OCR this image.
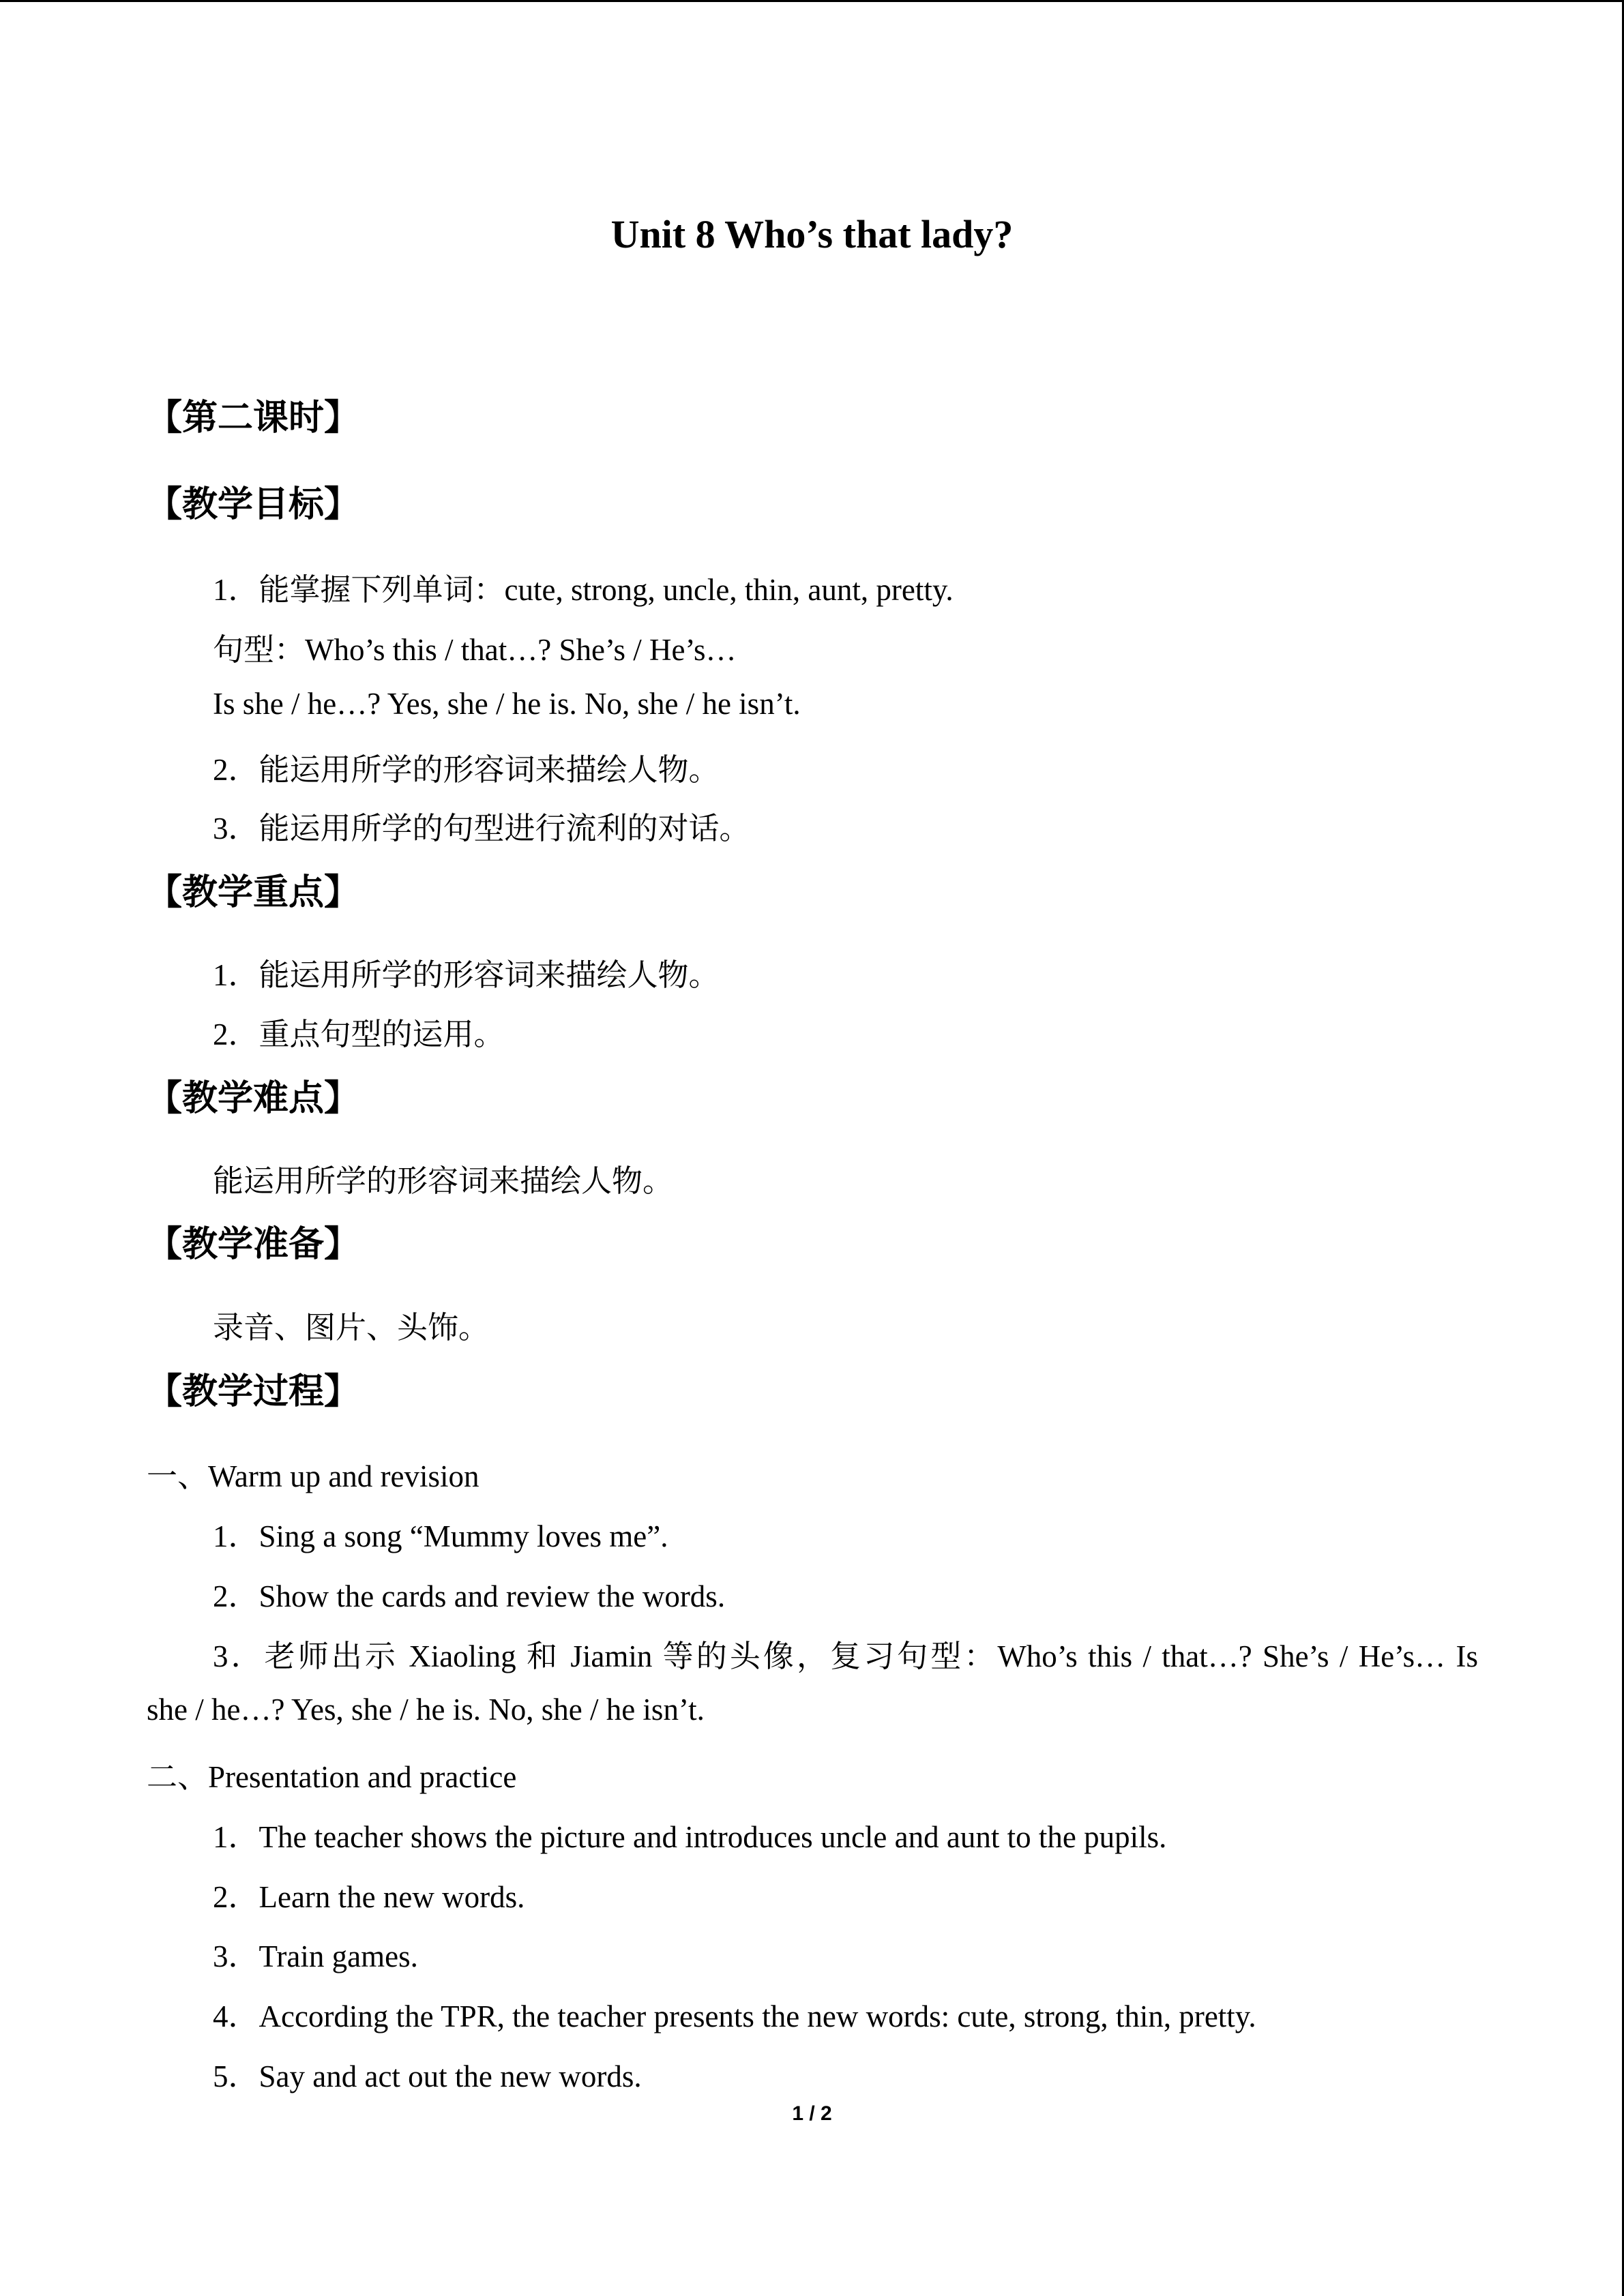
Unit 8 Who’s that lady?
【第二课时】
【教学目标】
1．能掌握下列单词：cute, strong, uncle, thin, aunt, pretty.
句型：Who’s this / that…? She’s / He’s…
Is she / he…? Yes, she / he is. No, she / he isn’t.
2．能运用所学的形容词来描绘人物。
3．能运用所学的句型进行流利的对话。
【教学重点】
1．能运用所学的形容词来描绘人物。
2．重点句型的运用。
【教学难点】
能运用所学的形容词来描绘人物。
【教学准备】
录音、图片、头饰。
【教学过程】
一、Warm up and revision
1．Sing a song “Mummy loves me”.
2．Show the cards and review the words.
3．老师出示 Xiaoling 和 Jiamin 等的头像，复习句型：Who’s this / that…? She’s / He’s… Is
she / he…? Yes, she / he is. No, she / he isn’t.
二、Presentation and practice
1．The teacher shows the picture and introduces uncle and aunt to the pupils.
2．Learn the new words.
3．Train games.
4．According the TPR, the teacher presents the new words: cute, strong, thin, pretty.
5．Say and act out the new words.
1 / 2
